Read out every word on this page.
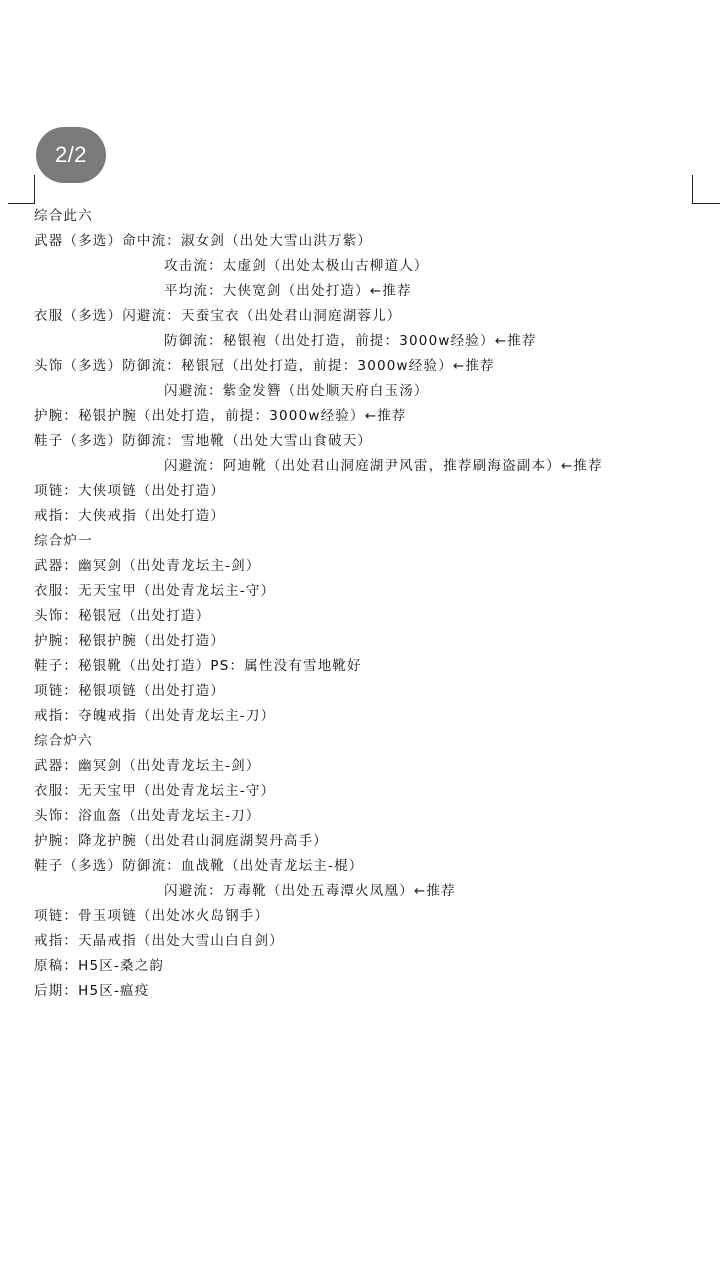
2/2
综合此六
武器（多选）命中流：淑女剑（出处大雪山洪万紫）
攻击流：太虚剑（出处太极山古柳道人）
平均流：大侠宽剑（出处打造）←推荐
衣服（多选）闪避流：天蚕宝衣（出处君山洞庭湖蓉儿）
防御流：秘银袍（出处打造，前提：3000w经验）←推荐
头饰（多选）防御流：秘银冠（出处打造，前提：3000w经验）←推荐
闪避流：紫金发簪（出处顺天府白玉汤）
护腕：秘银护腕（出处打造，前提：3000w经验）←推荐
鞋子（多选）防御流：雪地靴（出处大雪山食破天）
闪避流：阿迪靴（出处君山洞庭湖尹风雷，推荐刷海盗副本）←推荐
项链：大侠项链（出处打造）
戒指：大侠戒指（出处打造）
综合炉一
武器：幽冥剑（出处青龙坛主-剑）
衣服：无天宝甲（出处青龙坛主-守）
头饰：秘银冠（出处打造）
护腕：秘银护腕（出处打造）
鞋子：秘银靴（出处打造）PS：属性没有雪地靴好
项链：秘银项链（出处打造）
戒指：夺魄戒指（出处青龙坛主-刀）
综合炉六
武器：幽冥剑（出处青龙坛主-剑）
衣服：无天宝甲（出处青龙坛主-守）
头饰：浴血盔（出处青龙坛主-刀）
护腕：降龙护腕（出处君山洞庭湖契丹高手）
鞋子（多选）防御流：血战靴（出处青龙坛主-棍）
闪避流：万毒靴（出处五毒潭火凤凰）←推荐
项链：骨玉项链（出处冰火岛钢手）
戒指：天晶戒指（出处大雪山白自剑）
原稿：H5区-桑之韵
后期：H5区-瘟疫
